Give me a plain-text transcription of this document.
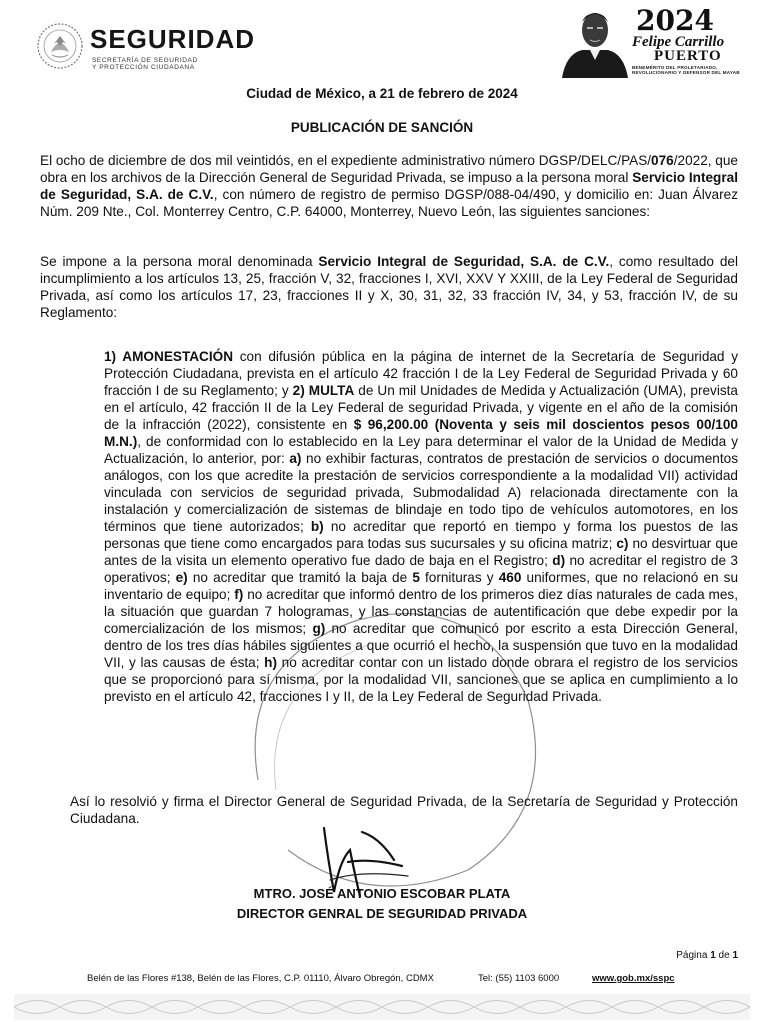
SEGURIDAD
SECRETARÍA DE SEGURIDAD
Y PROTECCIÓN CIUDADANA
2024
Felipe Carrillo
PUERTO
BENEMÉRITO DEL PROLETARIADO,
REVOLUCIONARIO Y DEFENSOR DEL MAYAB
Ciudad de México, a 21 de febrero de 2024
PUBLICACIÓN DE SANCIÓN
El ocho de diciembre de dos mil veintidós, en el expediente administrativo número DGSP/DELC/PAS/076/2022, que obra en los archivos de la Dirección General de Seguridad Privada, se impuso a la persona moral Servicio Integral de Seguridad, S.A. de C.V., con número de registro de permiso DGSP/088-04/490, y domicilio en: Juan Álvarez Núm. 209 Nte., Col. Monterrey Centro, C.P. 64000, Monterrey, Nuevo León, las siguientes sanciones:
Se impone a la persona moral denominada Servicio Integral de Seguridad, S.A. de C.V., como resultado del incumplimiento a los artículos 13, 25, fracción V, 32, fracciones I, XVI, XXV Y XXIII, de la Ley Federal de Seguridad Privada, así como los artículos 17, 23, fracciones II y X, 30, 31, 32, 33 fracción IV, 34, y 53, fracción IV, de su Reglamento:
1) AMONESTACIÓN con difusión pública en la página de internet de la Secretaría de Seguridad y Protección Ciudadana, prevista en el artículo 42 fracción I de la Ley Federal de Seguridad Privada y 60 fracción I de su Reglamento; y 2) MULTA de Un mil Unidades de Medida y Actualización (UMA), prevista en el artículo, 42 fracción II de la Ley Federal de seguridad Privada, y vigente en el año de la comisión de la infracción (2022), consistente en $ 96,200.00 (Noventa y seis mil doscientos pesos 00/100 M.N.), de conformidad con lo establecido en la Ley para determinar el valor de la Unidad de Medida y Actualización, lo anterior, por: a) no exhibir facturas, contratos de prestación de servicios o documentos análogos, con los que acredite la prestación de servicios correspondiente a la modalidad VII) actividad vinculada con servicios de seguridad privada, Submodalidad A) relacionada directamente con la instalación y comercialización de sistemas de blindaje en todo tipo de vehículos automotores, en los términos que tiene autorizados; b) no acreditar que reportó en tiempo y forma los puestos de las personas que tiene como encargados para todas sus sucursales y su oficina matriz; c) no desvirtuar que antes de la visita un elemento operativo fue dado de baja en el Registro; d) no acreditar el registro de 3 operativos; e) no acreditar que tramitó la baja de 5 fornituras y 460 uniformes, que no relacionó en su inventario de equipo; f) no acreditar que informó dentro de los primeros diez días naturales de cada mes, la situación que guardan 7 hologramas, y las constancias de autentificación que debe expedir por la comercialización de los mismos; g) no acreditar que comunicó por escrito a esta Dirección General, dentro de los tres días hábiles siguientes a que ocurrió el hecho, la suspensión que tuvo en la modalidad VII, y las causas de ésta; h) no acreditar contar con un listado donde obrara el registro de los servicios que se proporcionó para sí misma, por la modalidad VII, sanciones que se aplica en cumplimiento a lo previsto en el artículo 42, fracciones I y II, de la Ley Federal de Seguridad Privada.
Así lo resolvió y firma el Director General de Seguridad Privada, de la Secretaría de Seguridad y Protección Ciudadana.
MTRO. JOSÉ ANTONIO ESCOBAR PLATA
DIRECTOR GENRAL DE SEGURIDAD PRIVADA
Página 1 de 1
Belén de las Flores #138, Belén de las Flores, C.P. 01110, Álvaro Obregón, CDMX	Tel: (55) 1103 6000	www.gob.mx/sspc
